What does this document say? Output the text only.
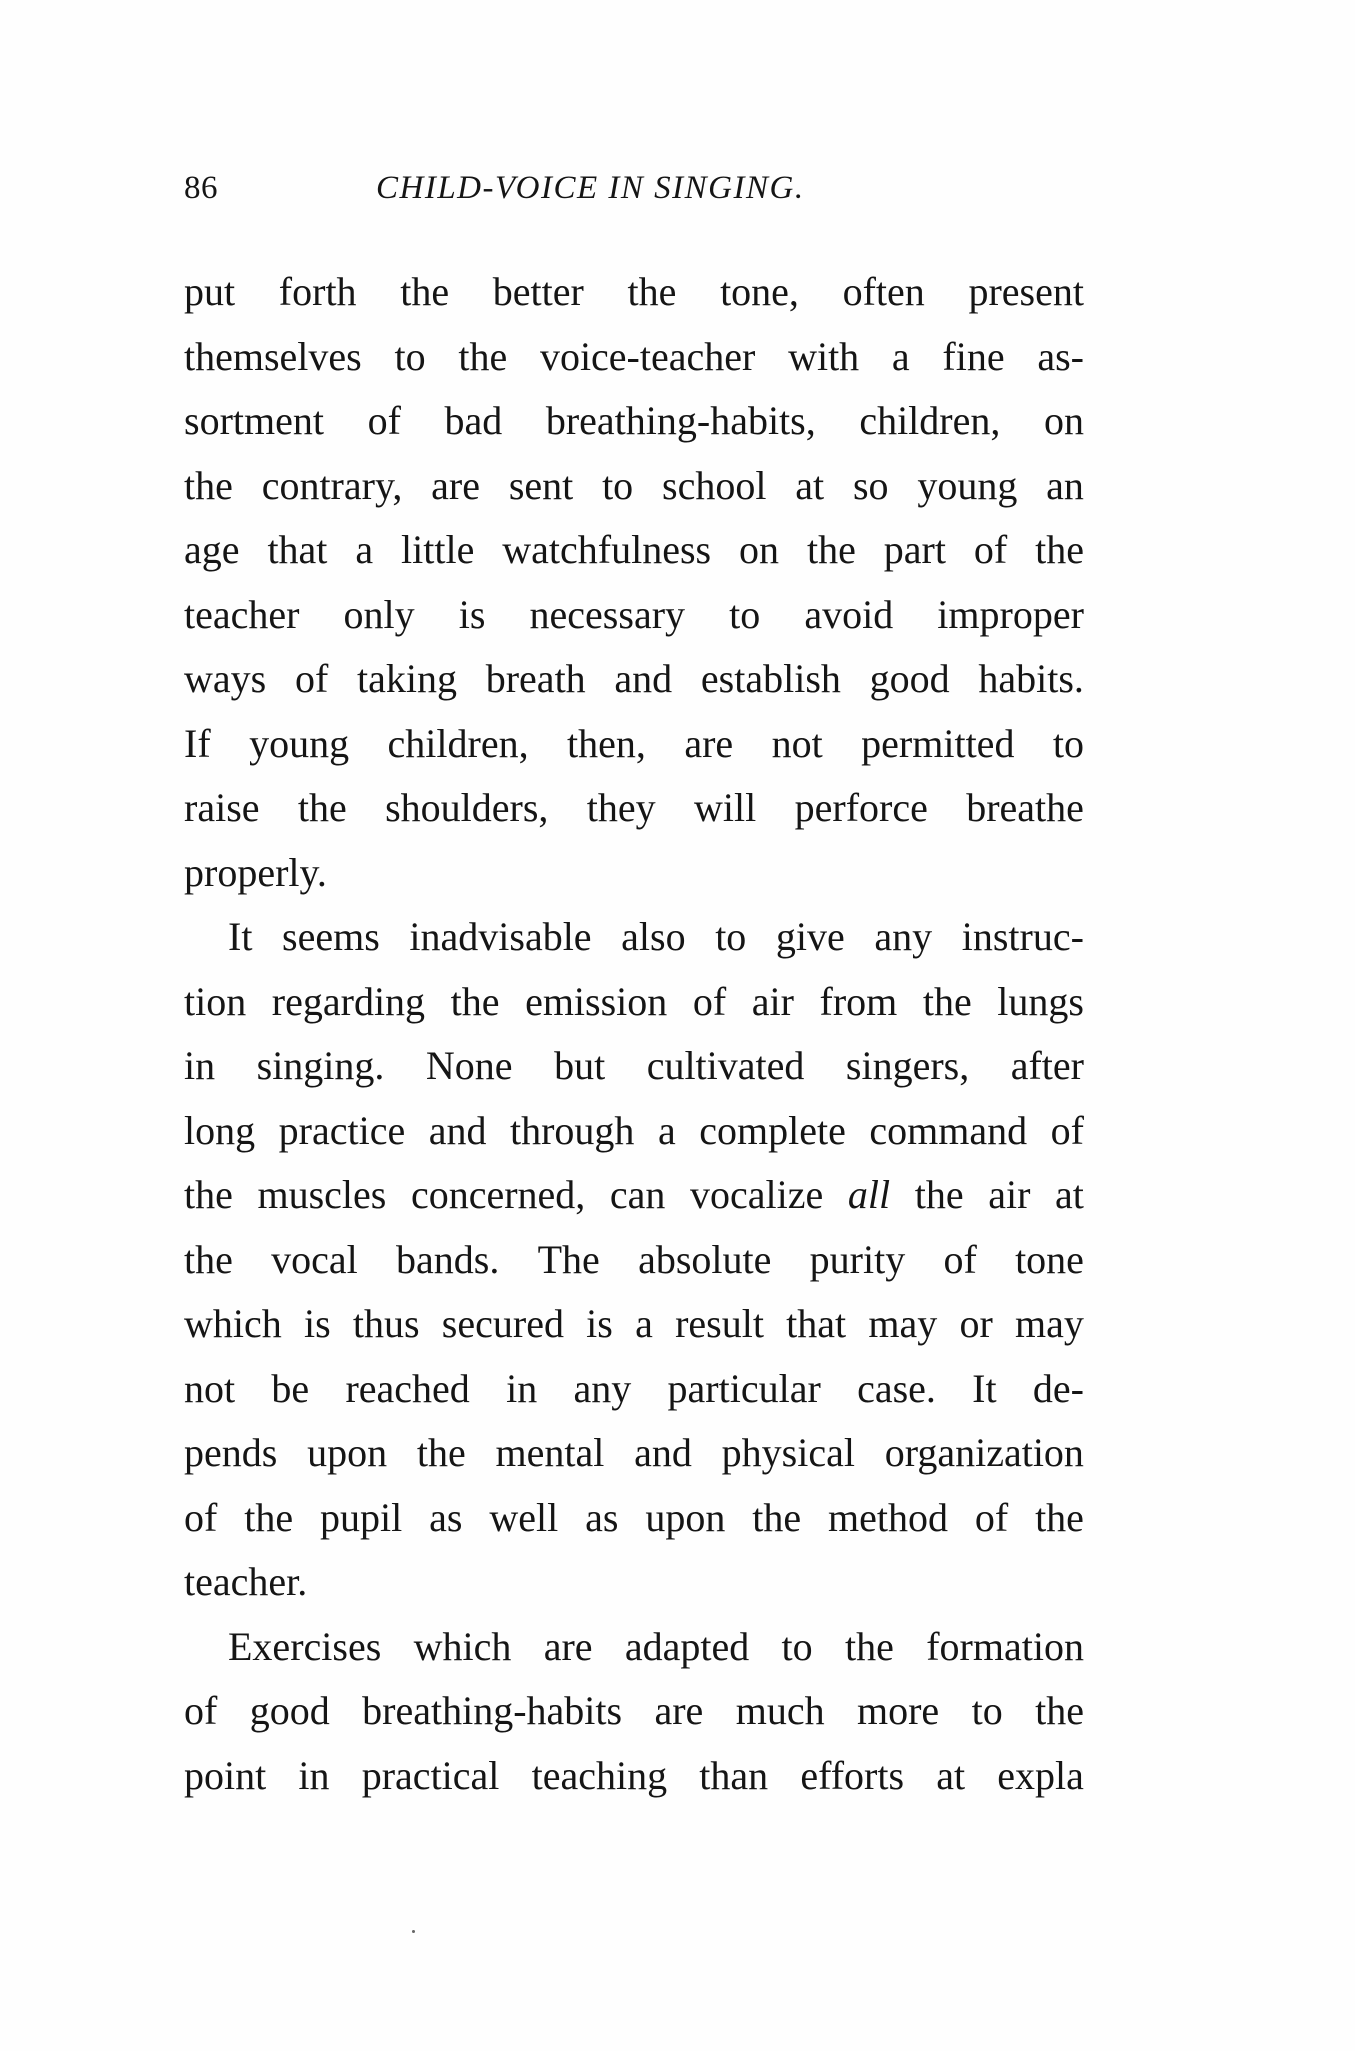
86	CHILD-VOICE IN SINGING.
put forth the better the tone, often present
themselves to the voice-teacher with a fine as-
sortment of bad breathing-habits, children, on
the contrary, are sent to school at so young an
age that a little watchfulness on the part of the
teacher only is necessary to avoid improper
ways of taking breath and establish good habits.
If young children, then, are not permitted to
raise the shoulders, they will perforce breathe
properly.
It seems inadvisable also to give any instruc-
tion regarding the emission of air from the lungs
in singing. None but cultivated singers, after
long practice and through a complete command of
the muscles concerned, can vocalize all the air at
the vocal bands. The absolute purity of tone
which is thus secured is a result that may or may
not be reached in any particular case. It de-
pends upon the mental and physical organization
of the pupil as well as upon the method of the
teacher.
Exercises which are adapted to the formation
of good breathing-habits are much more to the
point in practical teaching than efforts at expla
